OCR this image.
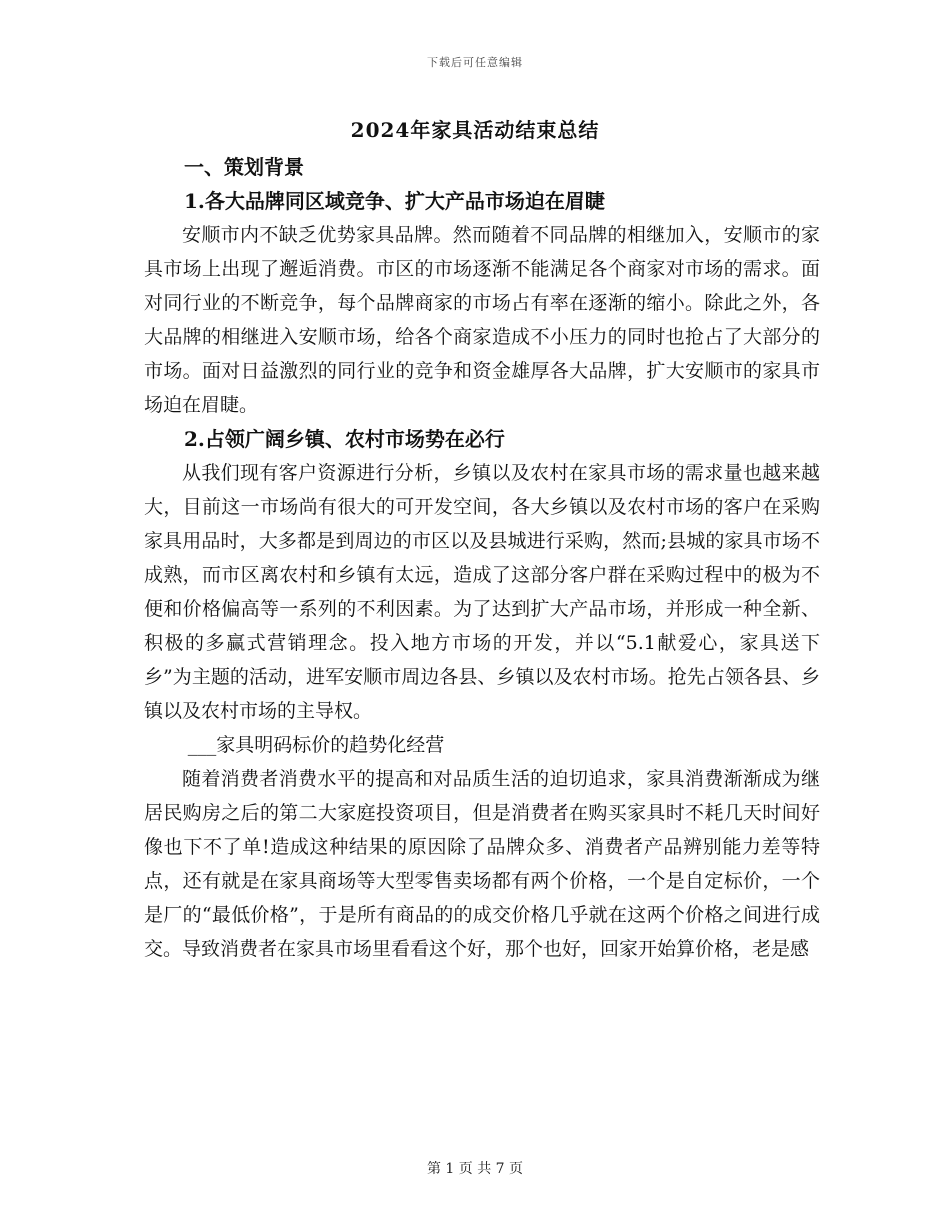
下载后可任意编辑
2024年家具活动结束总结

一、策划背景

1.各大品牌同区域竞争、扩大产品市场迫在眉睫

安顺市内不缺乏优势家具品牌。然而随着不同品牌的相继加入，安顺市的家具市场上出现了邂逅消费。市区的市场逐渐不能满足各个商家对市场的需求。面对同行业的不断竞争，每个品牌商家的市场占有率在逐渐的缩小。除此之外，各大品牌的相继进入安顺市场，给各个商家造成不小压力的同时也抢占了大部分的市场。面对日益激烈的同行业的竞争和资金雄厚各大品牌，扩大安顺市的家具市场迫在眉睫。

2.占领广阔乡镇、农村市场势在必行

从我们现有客户资源进行分析，乡镇以及农村在家具市场的需求量也越来越大，目前这一市场尚有很大的可开发空间，各大乡镇以及农村市场的客户在采购家具用品时，大多都是到周边的市区以及县城进行采购，然而;县城的家具市场不成熟，而市区离农村和乡镇有太远，造成了这部分客户群在采购过程中的极为不便和价格偏高等一系列的不利因素。为了达到扩大产品市场，并形成一种全新、积极的多赢式营销理念。投入地方市场的开发，并以“5.1献爱心，家具送下乡”为主题的活动，进军安顺市周边各县、乡镇以及农村市场。抢先占领各县、乡镇以及农村市场的主导权。

___家具明码标价的趋势化经营

随着消费者消费水平的提高和对品质生活的迫切追求，家具消费渐渐成为继居民购房之后的第二大家庭投资项目，但是消费者在购买家具时不耗几天时间好像也下不了单!造成这种结果的原因除了品牌众多、消费者产品辨别能力差等特点，还有就是在家具商场等大型零售卖场都有两个价格，一个是自定标价，一个是厂的“最低价格”，于是所有商品的的成交价格几乎就在这两个价格之间进行成交。导致消费者在家具市场里看看这个好，那个也好，回家开始算价格，老是感

第 1 页 共 7 页
